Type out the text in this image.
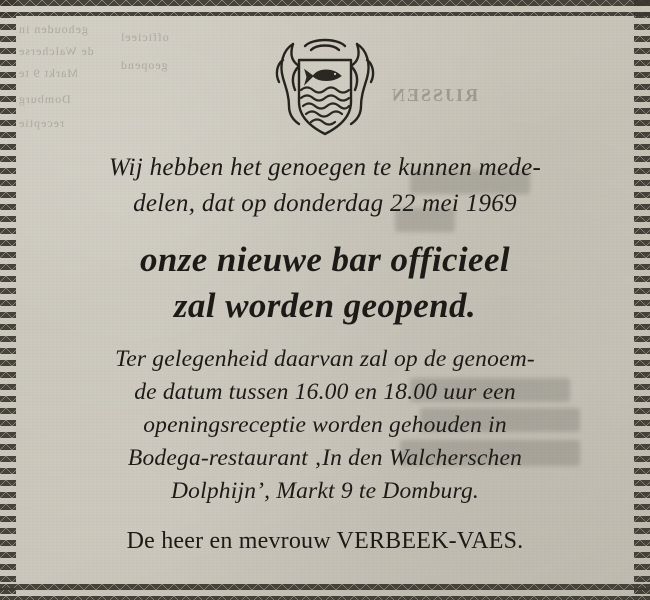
gehouden in
de Walcherse
Markt 9 te
Domburg
receptie
officieel
geopend
RIJSSEN
Wij hebben het genoegen te kunnen mede-
delen, dat op donderdag 22 mei 1969
onze nieuwe bar officieel
zal worden geopend.
Ter gelegenheid daarvan zal op de genoem-
de datum tussen 16.00 en 18.00 uur een
openingsreceptie worden gehouden in
Bodega-restaurant ‚In den Walcherschen
Dolphijn’, Markt 9 te Domburg.
De heer en mevrouw VERBEEK-VAES.
